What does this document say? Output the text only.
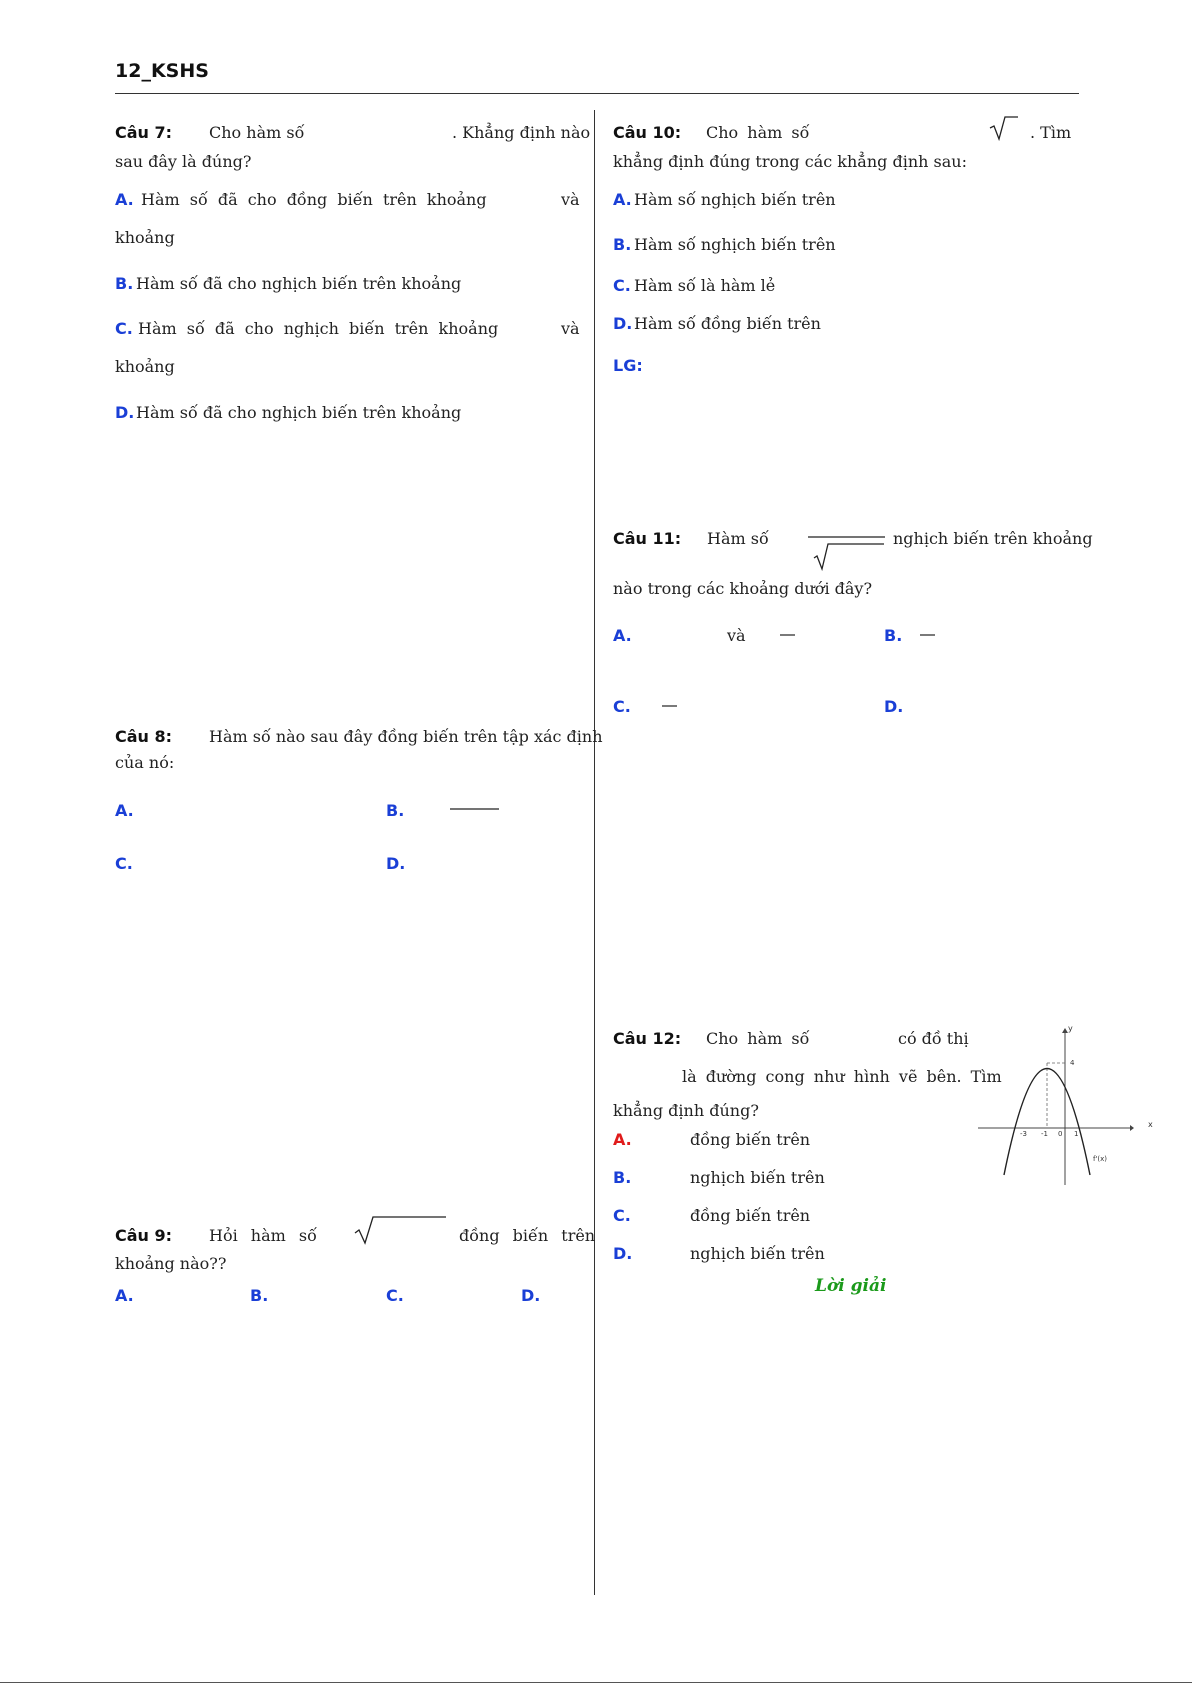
12_KSHS
Câu 7: Cho hàm số	. Khẳng định nào
sau đây là đúng?
A. Hàm số đã cho đồng biến trên khoảng	và
khoảng
B. Hàm số đã cho nghịch biến trên khoảng
C. Hàm số đã cho nghịch biến trên khoảng	và
khoảng
D. Hàm số đã cho nghịch biến trên khoảng
Câu 8: Hàm số nào sau đây đồng biến trên tập xác định
của nó:
A.	B.
C.	D.
Câu 9: Hỏi hàm số	đồng biến trên
khoảng nào??
A.	B.	C.	D.
Câu 10: Cho hàm số	. Tìm
khẳng định đúng trong các khẳng định sau:
A. Hàm số nghịch biến trên
B. Hàm số nghịch biến trên
C. Hàm số là hàm lẻ
D. Hàm số đồng biến trên
LG:
Câu 11: Hàm số	nghịch biến trên khoảng
nào trong các khoảng dưới đây?
A.	và	B.
C.	D.
Câu 12: Cho hàm số	có đồ thị
là đường cong như hình vẽ bên. Tìm
khẳng định đúng?
A.	đồng biến trên
B.	nghịch biến trên
C.	đồng biến trên
D.	nghịch biến trên
Lời giải
x
y
-3 -1 0 1
4
f'(x)
